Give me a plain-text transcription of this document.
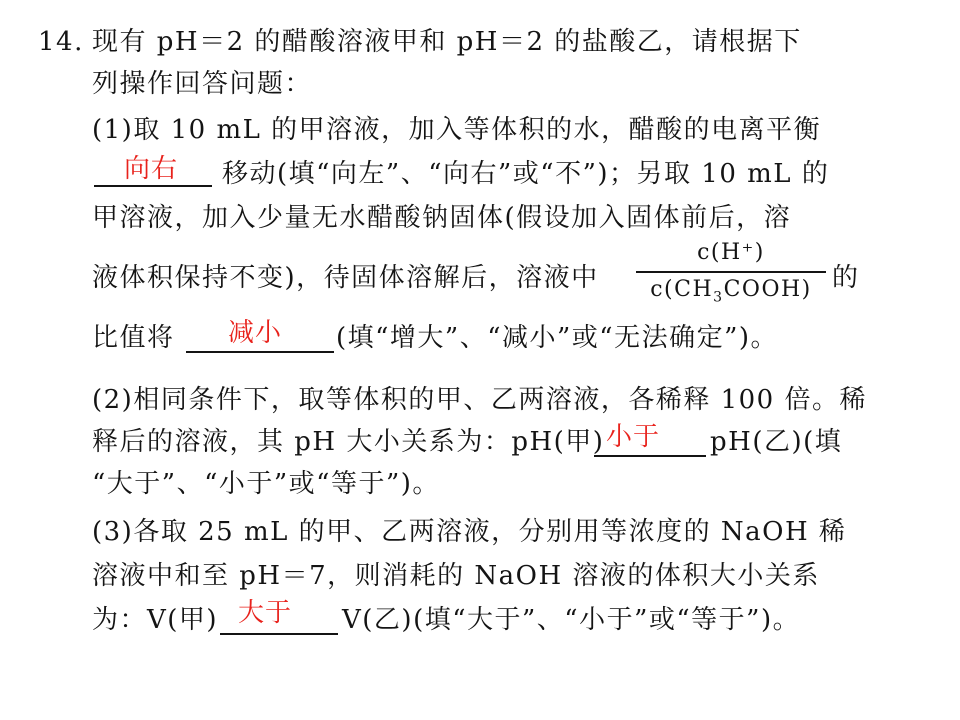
14. 现有 pH＝2 的醋酸溶液甲和 pH＝2 的盐酸乙，请根据下
列操作回答问题：
(1)取 10 mL 的甲溶液，加入等体积的水，醋酸的电离平衡
向右 移动(填“向左”、“向右”或“不”)；另取 10 mL 的
甲溶液，加入少量无水醋酸钠固体(假设加入固体前后，溶
液体积保持不变)，待固体溶解后，溶液中
c(H⁺)
$c(CH_3COOH)$ 的
比值将 减小 (填“增大”、“减小”或“无法确定”)。
(2)相同条件下，取等体积的甲、乙两溶液，各稀释 100 倍。稀
释后的溶液，其 pH 大小关系为：pH(甲) 小于 pH(乙)(填
“大于”、“小于”或“等于”)。
(3)各取 25 mL 的甲、乙两溶液，分别用等浓度的 NaOH 稀
溶液中和至 pH＝7，则消耗的 NaOH 溶液的体积大小关系
为：V(甲) 大于 V(乙)(填“大于”、“小于”或“等于”)。
